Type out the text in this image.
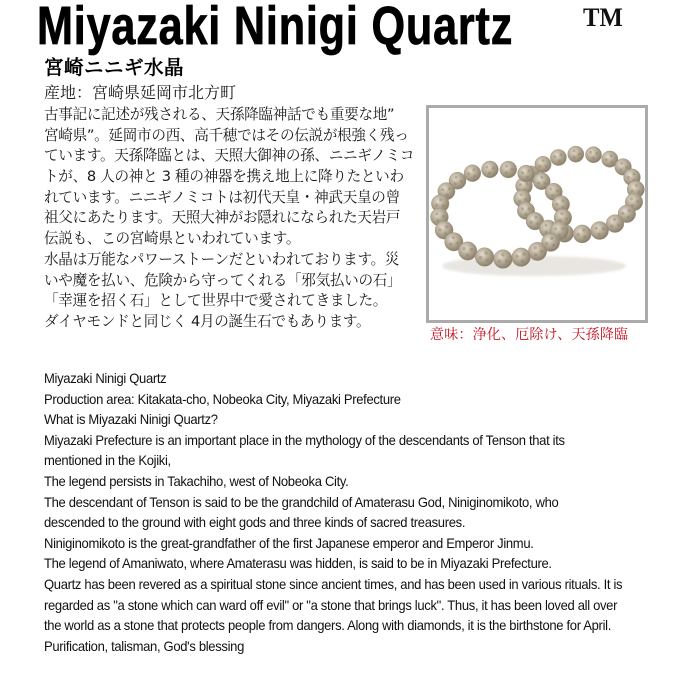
Miyazaki Ninigi Quartz	TM
宮崎ニニギ水晶
産地：宮崎県延岡市北方町
古事記に記述が残される、天孫降臨神話でも重要な地”
宮崎県”。延岡市の西、高千穂ではその伝説が根強く残っ
ています。天孫降臨とは、天照大御神の孫、ニニギノミコ
トが、8 人の神と 3 種の神器を携え地上に降りたといわ
れています。ニニギノミコトは初代天皇・神武天皇の曾
祖父にあたります。天照大神がお隠れになられた天岩戸
伝説も、この宮崎県といわれています。
水晶は万能なパワーストーンだといわれております。災
いや魔を払い、危険から守ってくれる「邪気払いの石」
「幸運を招く石」として世界中で愛されてきました。
ダイヤモンドと同じく 4月の誕生石でもあります。
意味：浄化、厄除け、天孫降臨
Miyazaki Ninigi Quartz
Production area: Kitakata-cho, Nobeoka City, Miyazaki Prefecture
What is Miyazaki Ninigi Quartz?
Miyazaki Prefecture is an important place in the mythology of the descendants of Tenson that its
mentioned in the Kojiki,
The legend persists in Takachiho, west of Nobeoka City.
The descendant of Tenson is said to be the grandchild of Amaterasu God, Niniginomikoto, who
descended to the ground with eight gods and three kinds of sacred treasures.
Niniginomikoto is the great-grandfather of the first Japanese emperor and Emperor Jinmu.
The legend of Amaniwato, where Amaterasu was hidden, is said to be in Miyazaki Prefecture.
Quartz has been revered as a spiritual stone since ancient times, and has been used in various rituals. It is
regarded as "a stone which can ward off evil" or "a stone that brings luck". Thus, it has been loved all over
the world as a stone that protects people from dangers. Along with diamonds, it is the birthstone for April.
Purification, talisman, God's blessing
